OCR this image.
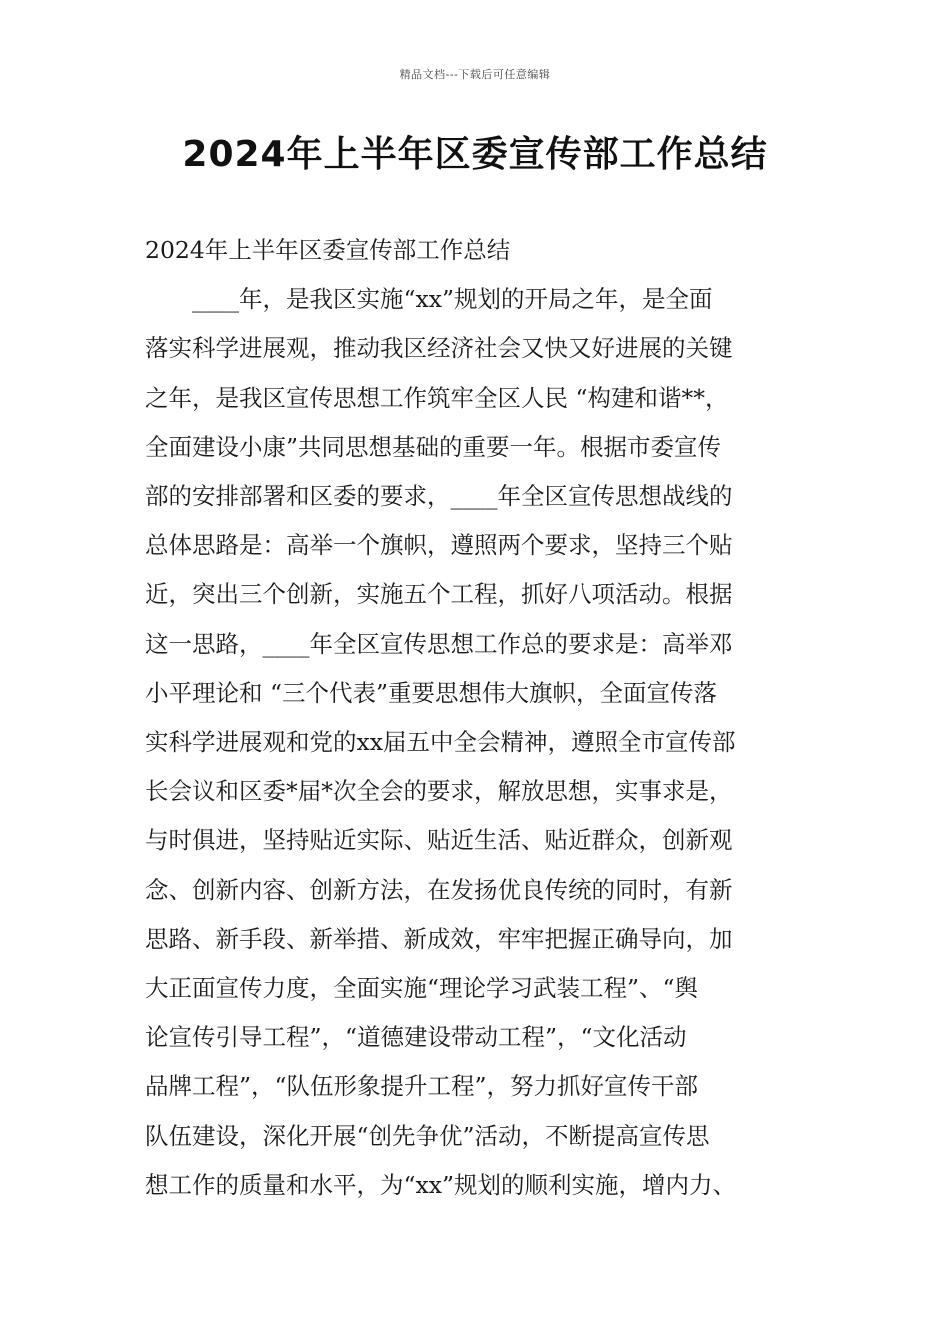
精品文档---下载后可任意编辑
2024年上半年区委宣传部工作总结

2024年上半年区委宣传部工作总结

　　____年，是我区实施“xx”规划的开局之年，是全面

落实科学进展观，推动我区经济社会又快又好进展的关键

之年，是我区宣传思想工作筑牢全区人民 “构建和谐**，

全面建设小康”共同思想基础的重要一年。根据市委宣传

部的安排部署和区委的要求，____年全区宣传思想战线的

总体思路是：高举一个旗帜，遵照两个要求，坚持三个贴

近，突出三个创新，实施五个工程，抓好八项活动。根据

这一思路，____年全区宣传思想工作总的要求是：高举邓

小平理论和 “三个代表”重要思想伟大旗帜，全面宣传落

实科学进展观和党的xx届五中全会精神，遵照全市宣传部

长会议和区委*届*次全会的要求，解放思想，实事求是，

与时俱进，坚持贴近实际、贴近生活、贴近群众，创新观

念、创新内容、创新方法，在发扬优良传统的同时，有新

思路、新手段、新举措、新成效，牢牢把握正确导向，加

大正面宣传力度，全面实施“理论学习武装工程”、“舆

论宣传引导工程”，“道德建设带动工程”，“文化活动

品牌工程”，“队伍形象提升工程”，努力抓好宣传干部

队伍建设，深化开展“创先争优”活动，不断提高宣传思

想工作的质量和水平，为“xx”规划的顺利实施，增内力、
